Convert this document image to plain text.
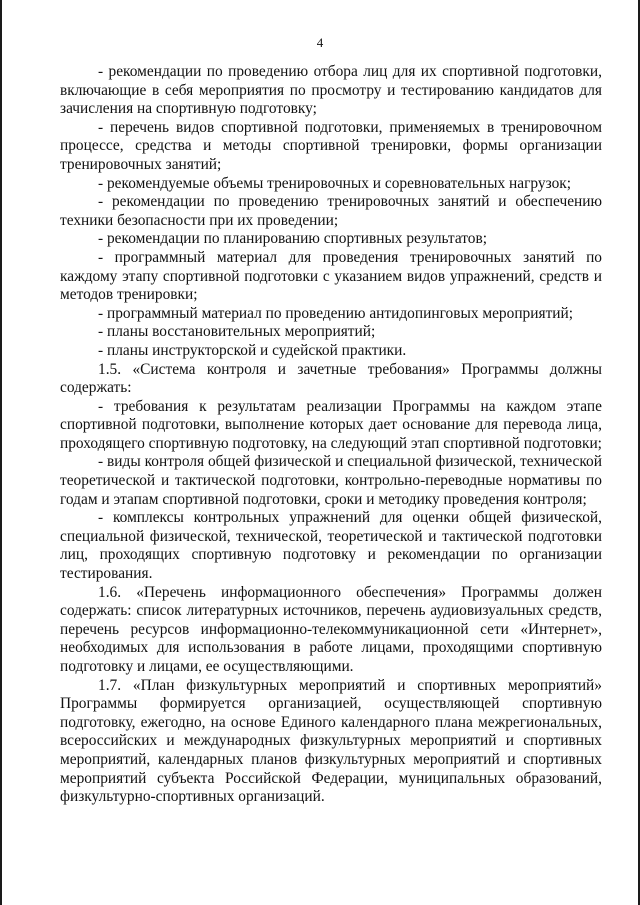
4

- рекомендации по проведению отбора лиц для их спортивной подготовки, включающие в себя мероприятия по просмотру и тестированию кандидатов для зачисления на спортивную подготовку;

- перечень видов спортивной подготовки, применяемых в тренировочном процессе, средства и методы спортивной тренировки, формы организации тренировочных занятий;

- рекомендуемые объемы тренировочных и соревновательных нагрузок;

- рекомендации по проведению тренировочных занятий и обеспечению техники безопасности при их проведении;

- рекомендации по планированию спортивных результатов;

- программный материал для проведения тренировочных занятий по каждому этапу спортивной подготовки с указанием видов упражнений, средств и методов тренировки;

- программный материал по проведению антидопинговых мероприятий;

- планы восстановительных мероприятий;

- планы инструкторской и судейской практики.

1.5. «Система контроля и зачетные требования» Программы должны содержать:

- требования к результатам реализации Программы на каждом этапе спортивной подготовки, выполнение которых дает основание для перевода лица, проходящего спортивную подготовку, на следующий этап спортивной подготовки;

- виды контроля общей физической и специальной физической, технической теоретической и тактической подготовки, контрольно-переводные нормативы по годам и этапам спортивной подготовки, сроки и методику проведения контроля;

- комплексы контрольных упражнений для оценки общей физической, специальной физической, технической, теоретической и тактической подготовки лиц, проходящих спортивную подготовку и рекомендации по организации тестирования.

1.6. «Перечень информационного обеспечения» Программы должен содержать: список литературных источников, перечень аудиовизуальных средств, перечень ресурсов информационно-телекоммуникационной сети «Интернет», необходимых для использования в работе лицами, проходящими спортивную подготовку и лицами, ее осуществляющими.

1.7. «План физкультурных мероприятий и спортивных мероприятий» Программы формируется организацией, осуществляющей спортивную подготовку, ежегодно, на основе Единого календарного плана межрегиональных, всероссийских и международных физкультурных мероприятий и спортивных мероприятий, календарных планов физкультурных мероприятий и спортивных мероприятий субъекта Российской Федерации, муниципальных образований, физкультурно-спортивных организаций.
